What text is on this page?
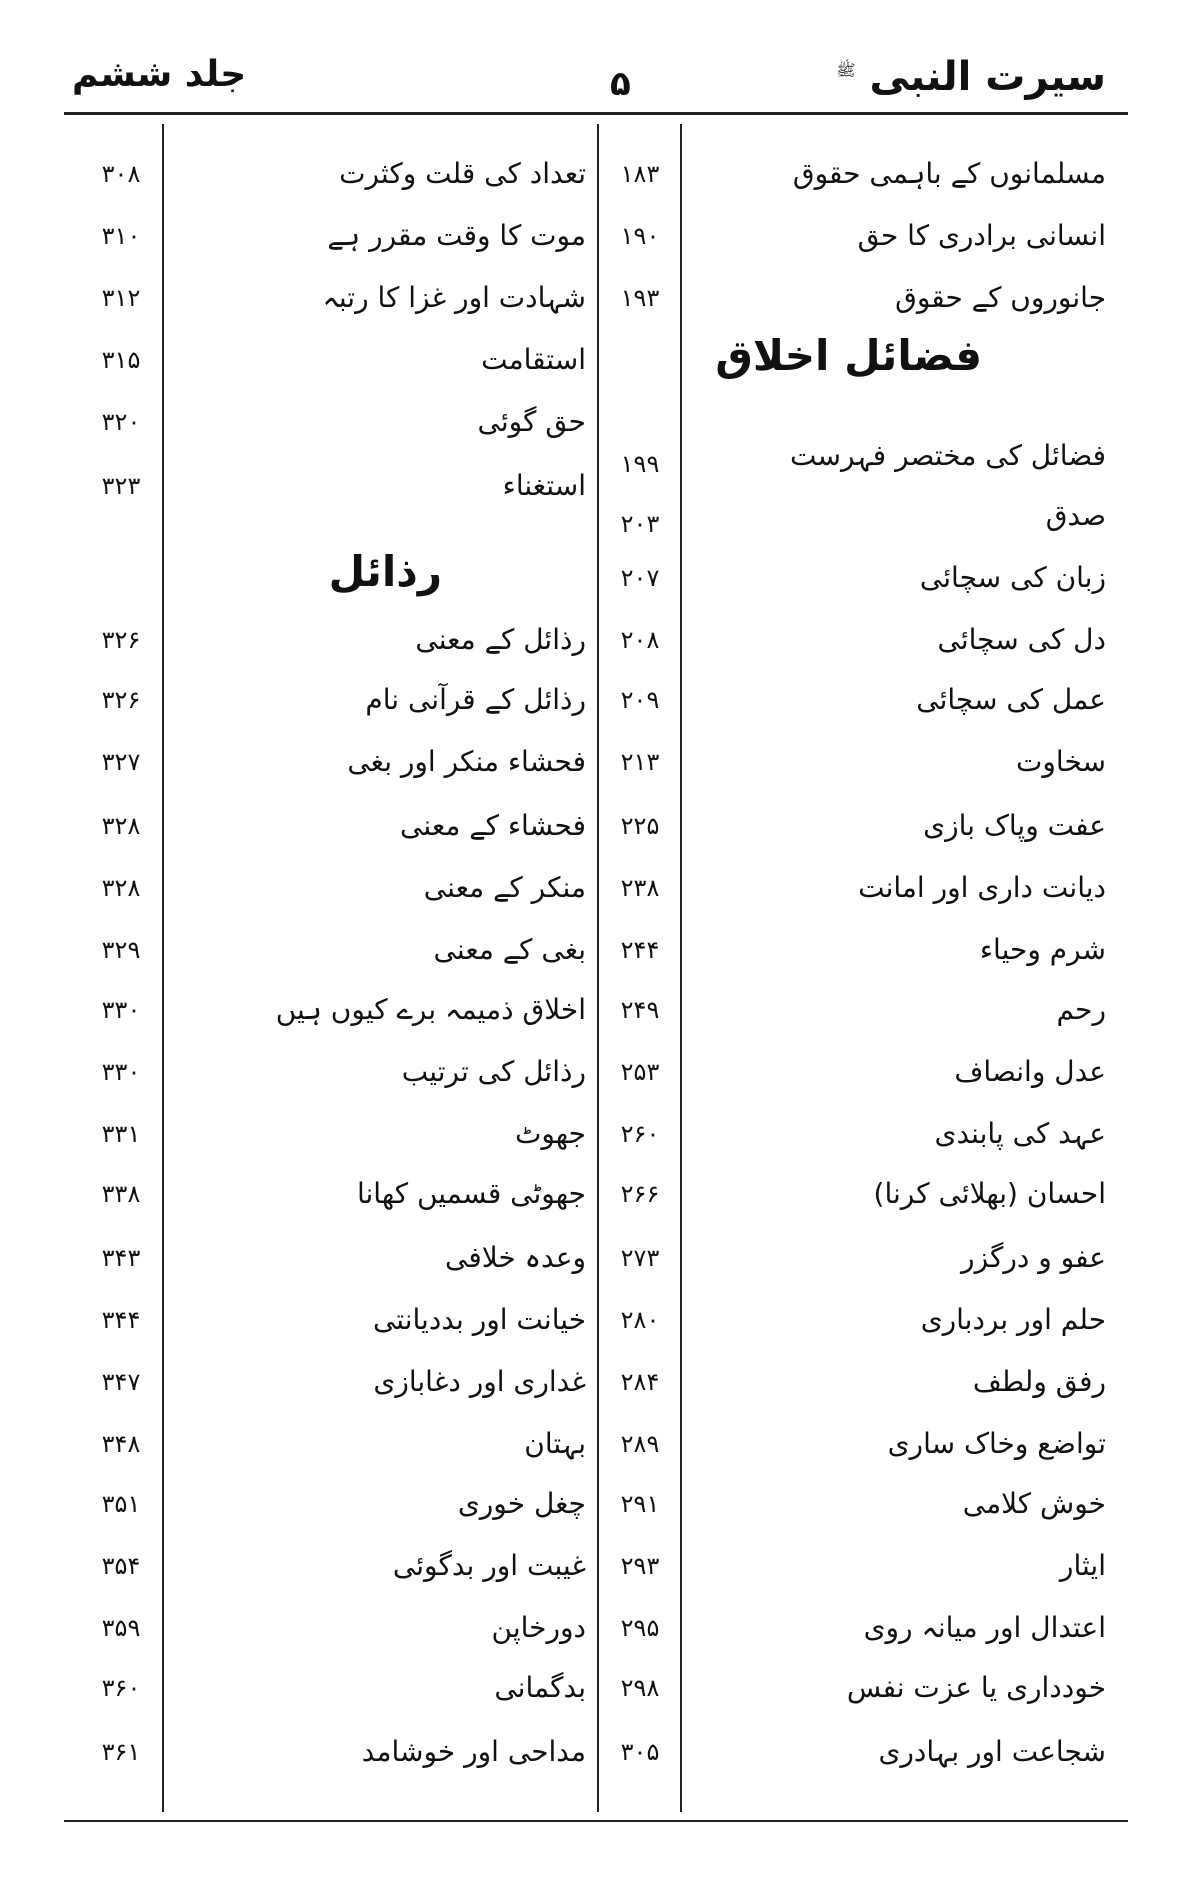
جلد ششم	۵	سیرت النبی $^ﷺ$
فضائل اخلاق
رذائل
مسلمانوں کے باہمی حقوق
۱۸۳
انسانی برادری کا حق
۱۹۰
جانوروں کے حقوق
۱۹۳
فضائل کی مختصر فہرست
۱۹۹
صدق
۲۰۳
زبان کی سچائی
۲۰۷
دل کی سچائی
۲۰۸
عمل کی سچائی
۲۰۹
سخاوت
۲۱۳
عفت وپاک بازی
۲۲۵
دیانت داری اور امانت
۲۳۸
شرم وحیاء
۲۴۴
رحم
۲۴۹
عدل وانصاف
۲۵۳
عہد کی پابندی
۲۶۰
احسان (بھلائی کرنا)
۲۶۶
عفو و درگزر
۲۷۳
حلم اور بردباری
۲۸۰
رفق ولطف
۲۸۴
تواضع وخاک ساری
۲۸۹
خوش کلامی
۲۹۱
ایثار
۲۹۳
اعتدال اور میانہ روی
۲۹۵
خودداری یا عزت نفس
۲۹۸
شجاعت اور بہادری
۳۰۵
تعداد کی قلت وکثرت
۳۰۸
موت کا وقت مقرر ہے
۳۱۰
شہادت اور غزا کا رتبہ
۳۱۲
استقامت
۳۱۵
حق گوئی
۳۲۰
استغناء
۳۲۳
رذائل کے معنی
۳۲۶
رذائل کے قرآنی نام
۳۲۶
فحشاء منکر اور بغی
۳۲۷
فحشاء کے معنی
۳۲۸
منکر کے معنی
۳۲۸
بغی کے معنی
۳۲۹
اخلاق ذمیمہ برے کیوں ہیں
۳۳۰
رذائل کی ترتیب
۳۳۰
جھوٹ
۳۳۱
جھوٹی قسمیں کھانا
۳۳۸
وعدہ خلافی
۳۴۳
خیانت اور بددیانتی
۳۴۴
غداری اور دغابازی
۳۴۷
بہتان
۳۴۸
چغل خوری
۳۵۱
غیبت اور بدگوئی
۳۵۴
دورخاپن
۳۵۹
بدگمانی
۳۶۰
مداحی اور خوشامد
۳۶۱
